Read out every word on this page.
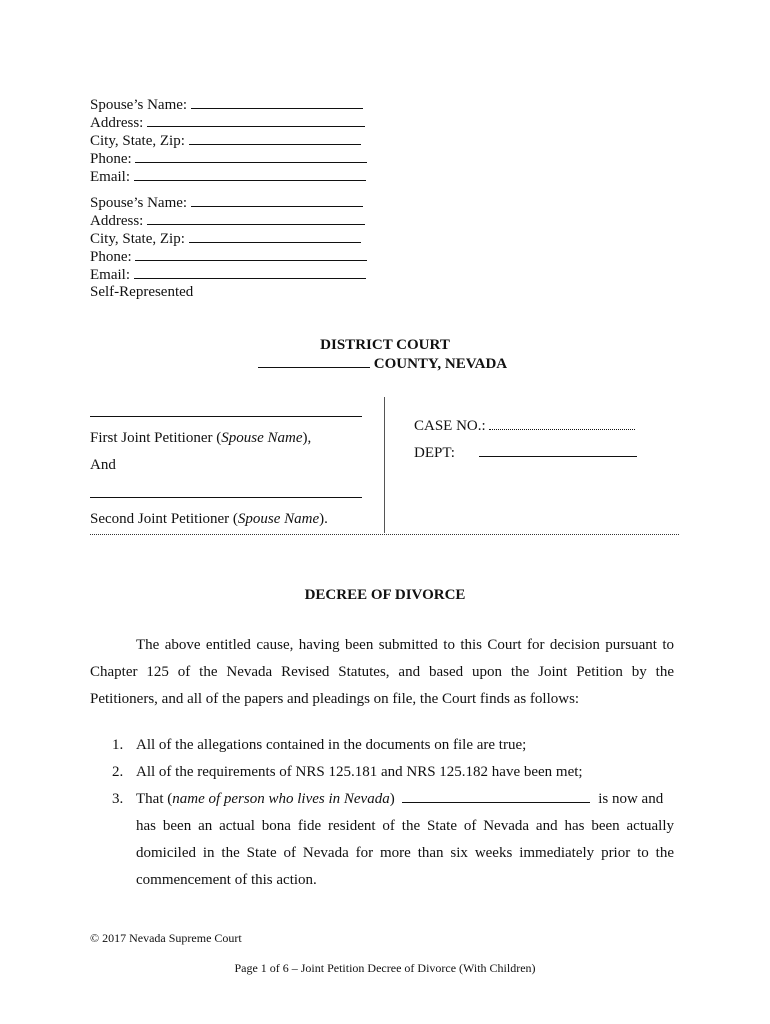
Spouse’s Name:
Address:
City, State, Zip:
Phone:
Email:
Spouse’s Name:
Address:
City, State, Zip:
Phone:
Email:
Self-Represented
DISTRICT COURT
COUNTY, NEVADA
First Joint Petitioner (Spouse Name),
And
Second Joint Petitioner (Spouse Name).
CASE NO.:
DEPT:
DECREE OF DIVORCE
The above entitled cause, having been submitted to this Court for decision pursuant to
Chapter 125 of the Nevada Revised Statutes, and based upon the Joint Petition by the
Petitioners, and all of the papers and pleadings on file, the Court finds as follows:
1. All of the allegations contained in the documents on file are true;
2. All of the requirements of NRS 125.181 and NRS 125.182 have been met;
3. That (name of person who lives in Nevada)	is now and
has been an actual bona fide resident of the State of Nevada and has been actually
domiciled in the State of Nevada for more than six weeks immediately prior to the
commencement of this action.
© 2017 Nevada Supreme Court
Page 1 of 6 – Joint Petition Decree of Divorce (With Children)
